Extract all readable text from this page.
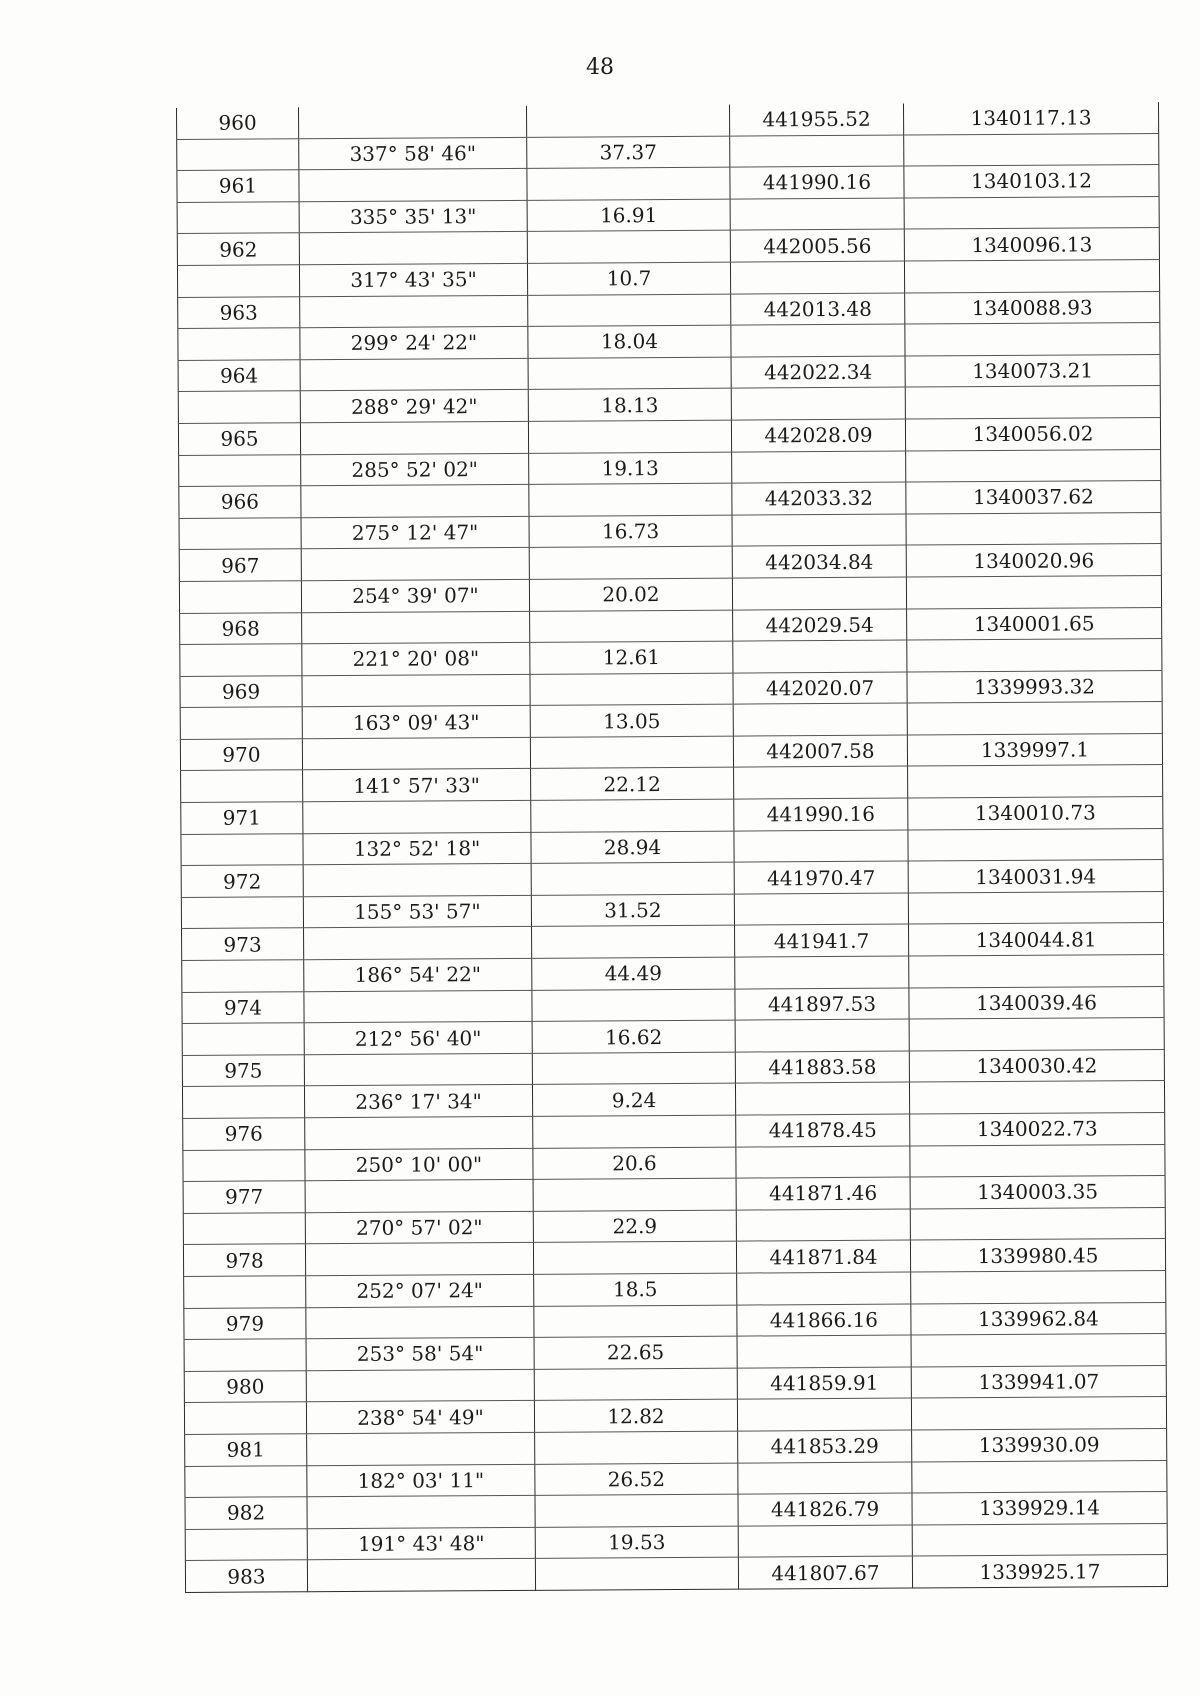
48
960			441955.52	1340117.13
	337° 58' 46"	37.37		
961			441990.16	1340103.12
	335° 35' 13"	16.91		
962			442005.56	1340096.13
	317° 43' 35"	10.7		
963			442013.48	1340088.93
	299° 24' 22"	18.04		
964			442022.34	1340073.21
	288° 29' 42"	18.13		
965			442028.09	1340056.02
	285° 52' 02"	19.13		
966			442033.32	1340037.62
	275° 12' 47"	16.73		
967			442034.84	1340020.96
	254° 39' 07"	20.02		
968			442029.54	1340001.65
	221° 20' 08"	12.61		
969			442020.07	1339993.32
	163° 09' 43"	13.05		
970			442007.58	1339997.1
	141° 57' 33"	22.12		
971			441990.16	1340010.73
	132° 52' 18"	28.94		
972			441970.47	1340031.94
	155° 53' 57"	31.52		
973			441941.7	1340044.81
	186° 54' 22"	44.49		
974			441897.53	1340039.46
	212° 56' 40"	16.62		
975			441883.58	1340030.42
	236° 17' 34"	9.24		
976			441878.45	1340022.73
	250° 10' 00"	20.6		
977			441871.46	1340003.35
	270° 57' 02"	22.9		
978			441871.84	1339980.45
	252° 07' 24"	18.5		
979			441866.16	1339962.84
	253° 58' 54"	22.65		
980			441859.91	1339941.07
	238° 54' 49"	12.82		
981			441853.29	1339930.09
	182° 03' 11"	26.52		
982			441826.79	1339929.14
	191° 43' 48"	19.53		
983			441807.67	1339925.17
